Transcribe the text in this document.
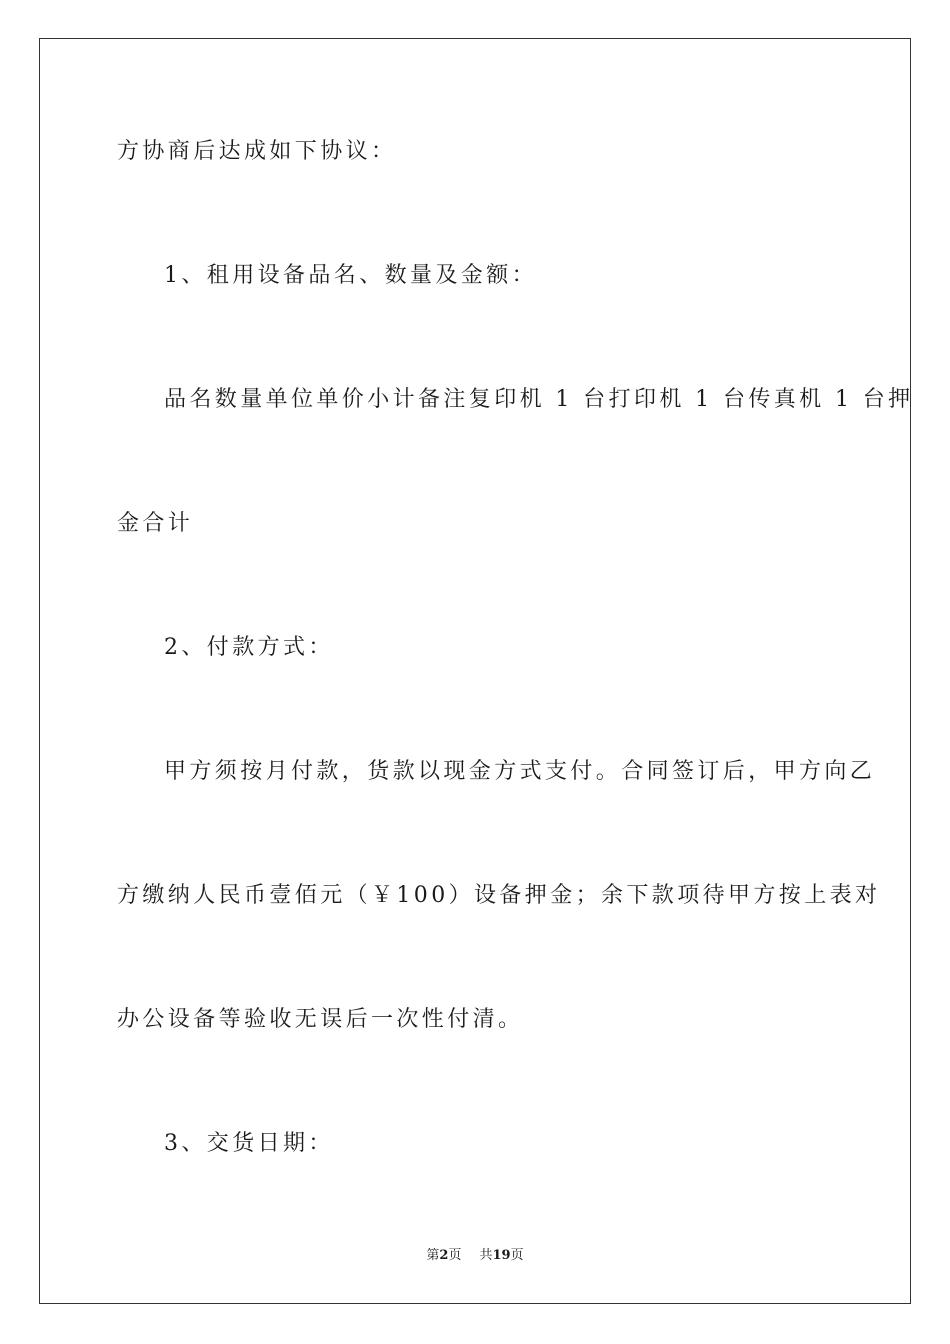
方协商后达成如下协议：
1、租用设备品名、数量及金额：
品名数量单位单价小计备注复印机 1 台打印机 1 台传真机 1 台押
金合计
2、付款方式：
甲方须按月付款，货款以现金方式支付。合同签订后，甲方向乙
方缴纳人民币壹佰元（￥100）设备押金；余下款项待甲方按上表对
办公设备等验收无误后一次性付清。
3、交货日期：
第2页 共19页
